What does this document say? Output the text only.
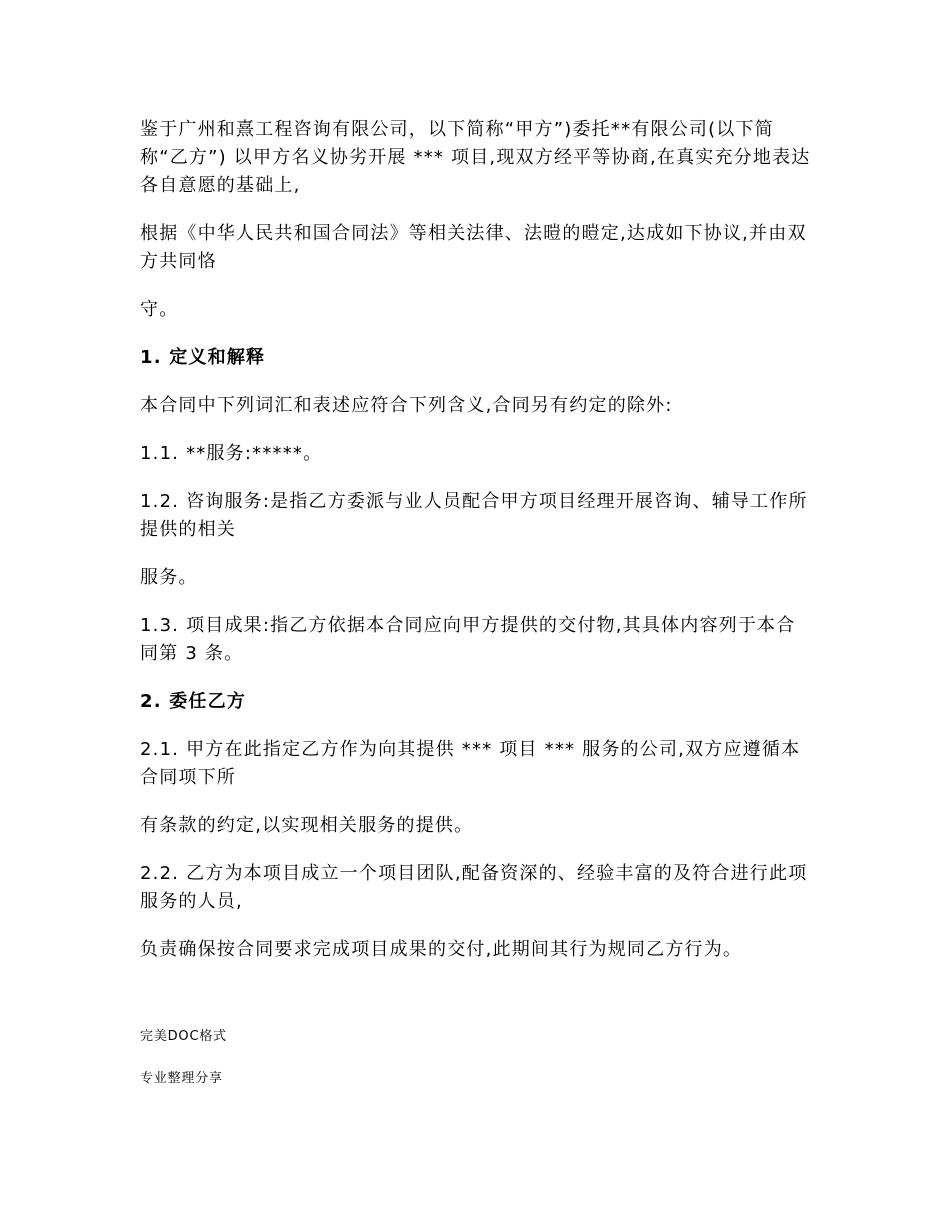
鉴于广州和熹工程咨询有限公司，以下简称“甲方”)委托**有限公司(以下简称“乙方”) 以甲方名义协劣开展 *** 项目,现双方经平等协商,在真实充分地表达各自意愿的基础上,

根据《中华人民共和国合同法》等相关法律、法暟的暟定,达成如下协议,并由双方共同恪

守。

1. 定义和解释

本合同中下列词汇和表述应符合下列含义,合同另有约定的除外:

1.1. **服务:*****。

1.2. 咨询服务:是指乙方委派与业人员配合甲方项目经理开展咨询、辅导工作所提供的相关

服务。

1.3. 项目成果:指乙方依据本合同应向甲方提供的交付物,其具体内容列于本合同第 3 条。

2. 委任乙方

2.1. 甲方在此指定乙方作为向其提供 *** 项目 *** 服务的公司,双方应遵循本合同项下所

有条款的约定,以实现相关服务的提供。

2.2. 乙方为本项目成立一个项目团队,配备资深的、经验丰富的及符合进行此项服务的人员,

负责确保按合同要求完成项目成果的交付,此期间其行为规同乙方行为。

完美DOC格式

专业整理分享
